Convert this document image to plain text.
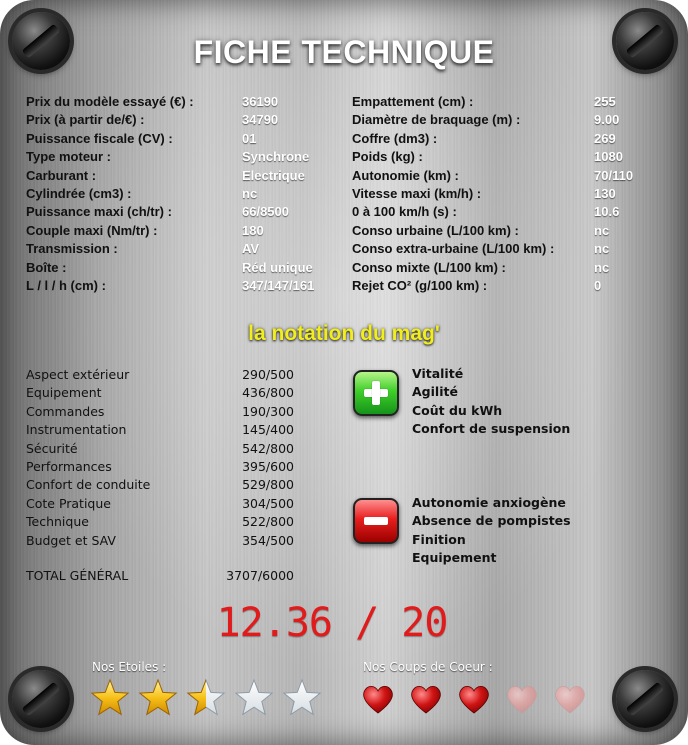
FICHE TECHNIQUE
Prix du modèle essayé (€) :	36190
Prix (à partir de/€) :	34790
Puissance fiscale (CV) :	01
Type moteur :	Synchrone
Carburant :	Electrique
Cylindrée (cm3) :	nc
Puissance maxi (ch/tr) :	66/8500
Couple maxi (Nm/tr) :	180
Transmission :	AV
Boîte :	Réd unique
L / l / h (cm) :	347/147/161
Empattement (cm) :	255
Diamètre de braquage (m) :	9.00
Coffre (dm3) :	269
Poids (kg) :	1080
Autonomie (km) :	70/110
Vitesse maxi (km/h) :	130
0 à 100 km/h (s) :	10.6
Conso urbaine (L/100 km) :	nc
Conso extra-urbaine (L/100 km) :	nc
Conso mixte (L/100 km) :	nc
Rejet CO² (g/100 km) :	0
la notation du mag'
Aspect extérieur	290/500
Equipement	436/800
Commandes	190/300
Instrumentation	145/400
Sécurité	542/800
Performances	395/600
Confort de conduite	529/800
Cote Pratique	304/500
Technique	522/800
Budget et SAV	354/500
TOTAL GÉNÉRAL	3707/6000
Vitalité
Agilité
Coût du kWh
Confort de suspension
Autonomie anxiogène
Absence de pompistes
Finition
Equipement
12.36 / 20
Nos Etoiles :	Nos Coups de Coeur :
